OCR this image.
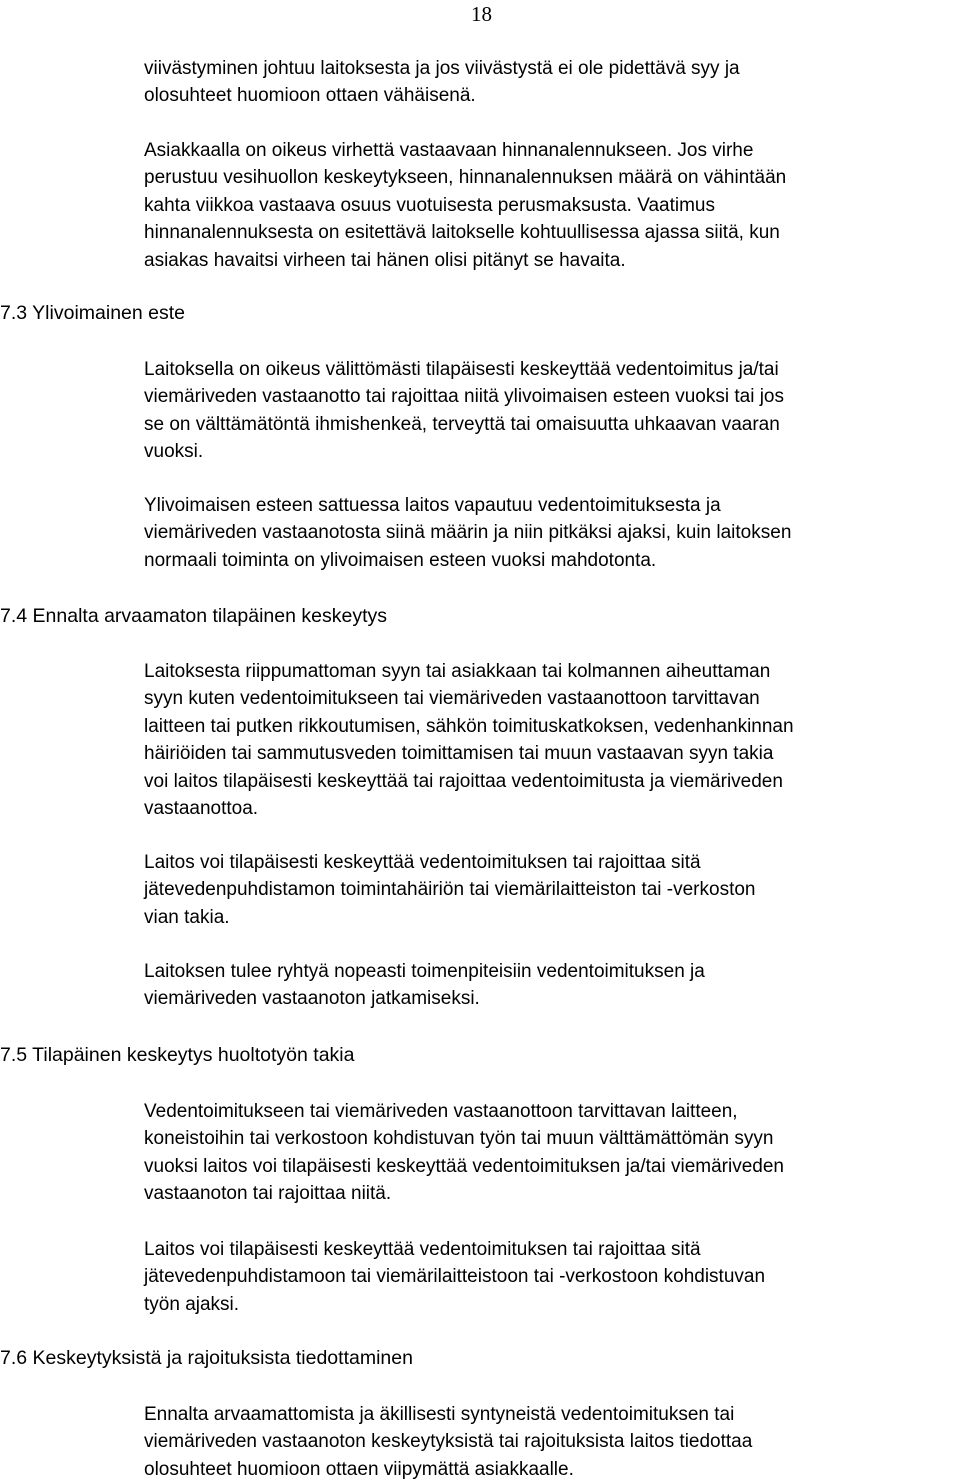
18

viivästyminen johtuu laitoksesta ja jos viivästystä ei ole pidettävä syy ja
olosuhteet huomioon ottaen vähäisenä.

Asiakkaalla on oikeus virhettä vastaavaan hinnanalennukseen. Jos virhe
perustuu vesihuollon keskeytykseen, hinnanalennuksen määrä on vähintään
kahta viikkoa vastaava osuus vuotuisesta perusmaksusta. Vaatimus
hinnanalennuksesta on esitettävä laitokselle kohtuullisessa ajassa siitä, kun
asiakas havaitsi virheen tai hänen olisi pitänyt se havaita.

7.3 Ylivoimainen este

Laitoksella on oikeus välittömästi tilapäisesti keskeyttää vedentoimitus ja/tai
viemäriveden vastaanotto tai rajoittaa niitä ylivoimaisen esteen vuoksi tai jos
se on välttämätöntä ihmishenkeä, terveyttä tai omaisuutta uhkaavan vaaran
vuoksi.

Ylivoimaisen esteen sattuessa laitos vapautuu vedentoimituksesta ja
viemäriveden vastaanotosta siinä määrin ja niin pitkäksi ajaksi, kuin laitoksen
normaali toiminta on ylivoimaisen esteen vuoksi mahdotonta.

7.4 Ennalta arvaamaton tilapäinen keskeytys

Laitoksesta riippumattoman syyn tai asiakkaan tai kolmannen aiheuttaman
syyn kuten vedentoimitukseen tai viemäriveden vastaanottoon tarvittavan
laitteen tai putken rikkoutumisen, sähkön toimituskatkoksen, vedenhankinnan
häiriöiden tai sammutusveden toimittamisen tai muun vastaavan syyn takia
voi laitos tilapäisesti keskeyttää tai rajoittaa vedentoimitusta ja viemäriveden
vastaanottoa.

Laitos voi tilapäisesti keskeyttää vedentoimituksen tai rajoittaa sitä
jätevedenpuhdistamon toimintahäiriön tai viemärilaitteiston tai -verkoston
vian takia.

Laitoksen tulee ryhtyä nopeasti toimenpiteisiin vedentoimituksen ja
viemäriveden vastaanoton jatkamiseksi.

7.5 Tilapäinen keskeytys huoltotyön takia

Vedentoimitukseen tai viemäriveden vastaanottoon tarvittavan laitteen,
koneistoihin tai verkostoon kohdistuvan työn tai muun välttämättömän syyn
vuoksi laitos voi tilapäisesti keskeyttää vedentoimituksen ja/tai viemäriveden
vastaanoton tai rajoittaa niitä.

Laitos voi tilapäisesti keskeyttää vedentoimituksen tai rajoittaa sitä
jätevedenpuhdistamoon tai viemärilaitteistoon tai -verkostoon kohdistuvan
työn ajaksi.

7.6 Keskeytyksistä ja rajoituksista tiedottaminen

Ennalta arvaamattomista ja äkillisesti syntyneistä vedentoimituksen tai
viemäriveden vastaanoton keskeytyksistä tai rajoituksista laitos tiedottaa
olosuhteet huomioon ottaen viipymättä asiakkaalle.
